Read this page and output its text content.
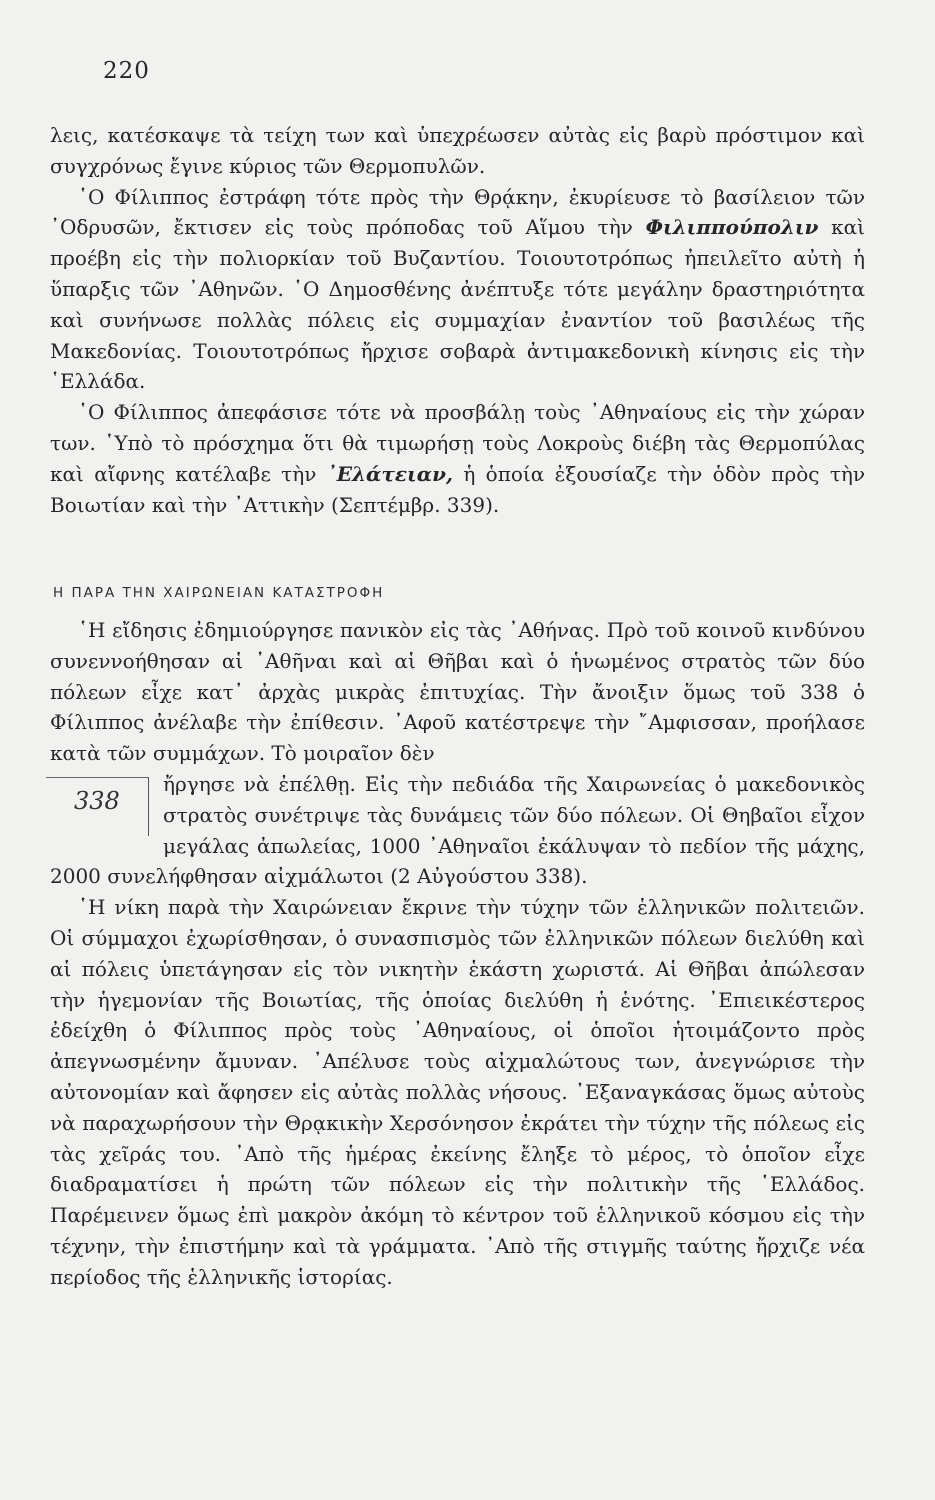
220

λεις, κατέσκαψε τὰ τείχη των καὶ ὑπεχρέωσεν αὐτὰς εἰς βαρὺ πρόστιμον καὶ συγχρόνως ἔγινε κύριος τῶν Θερμοπυλῶν.

῾Ο Φίλιππος ἐστράφη τότε πρὸς τὴν Θρᾴκην, ἐκυρίευσε τὸ βασίλειον τῶν ᾿Οδρυσῶν, ἔκτισεν εἰς τοὺς πρόποδας τοῦ Αἵμου τὴν Φιλιππούπολιν καὶ προέβη εἰς τὴν πολιορκίαν τοῦ Βυζαντίου. Τοιουτοτρόπως ἠπειλεῖτο αὐτὴ ἡ ὕπαρξις τῶν ᾿Αθηνῶν. ῾Ο Δημοσθένης ἀνέπτυξε τότε μεγάλην δραστηριότητα καὶ συνήνωσε πολλὰς πόλεις εἰς συμμαχίαν ἐναντίον τοῦ βασιλέως τῆς Μακεδονίας. Τοιουτοτρόπως ἤρχισε σοβαρὰ ἀντιμακεδονικὴ κίνησις εἰς τὴν ῾Ελλάδα.

῾Ο Φίλιππος ἀπεφάσισε τότε νὰ προσβάλῃ τοὺς ᾿Αθηναίους εἰς τὴν χώραν των. ῾Υπὸ τὸ πρόσχημα ὅτι θὰ τιμωρήσῃ τοὺς Λοκροὺς διέβη τὰς Θερμοπύλας καὶ αἴφνης κατέλαβε τὴν ᾿Ελάτειαν, ἡ ὁποία ἐξουσίαζε τὴν ὁδὸν πρὸς τὴν Βοιωτίαν καὶ τὴν ᾿Αττικὴν (Σεπτέμβρ. 339).

Η ΠΑΡΑ ΤΗΝ ΧΑΙΡΩΝΕΙΑΝ ΚΑΤΑΣΤΡΟΦΗ

῾Η εἴδησις ἐδημιούργησε πανικὸν εἰς τὰς ᾿Αθήνας. Πρὸ τοῦ κοινοῦ κινδύνου συνεννοήθησαν αἱ ᾿Αθῆναι καὶ αἱ Θῆβαι καὶ ὁ ἡνωμένος στρατὸς τῶν δύο πόλεων εἶχε κατ᾿ ἀρχὰς μικρὰς ἐπιτυχίας. Τὴν ἄνοιξιν ὅμως τοῦ 338 ὁ Φίλιππος ἀνέλαβε τὴν ἐπίθεσιν. ᾿Αφοῦ κατέστρεψε τὴν ῎Αμφισσαν, προήλασε κατὰ τῶν συμμάχων. Τὸ μοιραῖον δὲν

338
ἤργησε νὰ ἐπέλθῃ. Εἰς τὴν πεδιάδα τῆς Χαιρωνείας ὁ μακεδονικὸς στρατὸς συνέτριψε τὰς δυνάμεις τῶν δύο πόλεων. Οἱ Θηβαῖοι εἶχον μεγάλας ἀπωλείας, 1000 ᾿Αθηναῖοι ἐκάλυψαν τὸ πεδίον τῆς μάχης, 2000 συνελήφθησαν αἰχμάλωτοι (2 Αὐγούστου 338).

῾Η νίκη παρὰ τὴν Χαιρώνειαν ἔκρινε τὴν τύχην τῶν ἑλληνικῶν πολιτειῶν. Οἱ σύμμαχοι ἐχωρίσθησαν, ὁ συνασπισμὸς τῶν ἑλληνικῶν πόλεων διελύθη καὶ αἱ πόλεις ὑπετάγησαν εἰς τὸν νικητὴν ἑκάστη χωριστά. Αἱ Θῆβαι ἀπώλεσαν τὴν ἡγεμονίαν τῆς Βοιωτίας, τῆς ὁποίας διελύθη ἡ ἑνότης. ᾿Επιεικέστερος ἐδείχθη ὁ Φίλιππος πρὸς τοὺς ᾿Αθηναίους, οἱ ὁποῖοι ἡτοιμάζοντο πρὸς ἀπεγνωσμένην ἄμυναν. ᾿Απέλυσε τοὺς αἰχμαλώτους των, ἀνεγνώρισε τὴν αὐτονομίαν καὶ ἄφησεν εἰς αὐτὰς πολλὰς νήσους. ᾿Εξαναγκάσας ὅμως αὐτοὺς νὰ παραχωρήσουν τὴν Θρᾳκικὴν Χερσόνησον ἐκράτει τὴν τύχην τῆς πόλεως εἰς τὰς χεῖράς του. ᾿Απὸ τῆς ἡμέρας ἐκείνης ἔληξε τὸ μέρος, τὸ ὁποῖον εἶχε διαδραματίσει ἡ πρώτη τῶν πόλεων εἰς τὴν πολιτικὴν τῆς ῾Ελλάδος. Παρέμεινεν ὅμως ἐπὶ μακρὸν ἀκόμη τὸ κέντρον τοῦ ἑλληνικοῦ κόσμου εἰς τὴν τέχνην, τὴν ἐπιστήμην καὶ τὰ γράμματα. ᾿Απὸ τῆς στιγμῆς ταύτης ἤρχιζε νέα περίοδος τῆς ἑλληνικῆς ἱστορίας.
